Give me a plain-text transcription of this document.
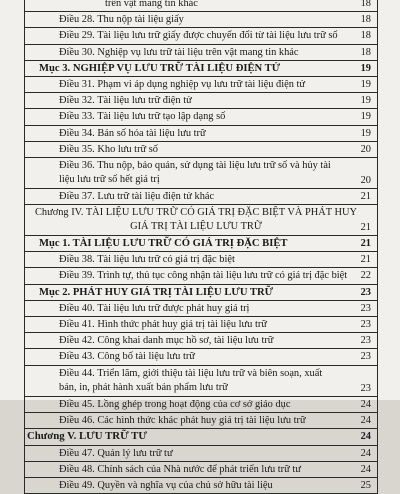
trên vật mang tin khác	18
Điều 28. Thu nộp tài liệu giấy	18
Điều 29. Tài liệu lưu trữ giấy được chuyển đổi từ tài liệu lưu trữ số 18
Điều 30. Nghiệp vụ lưu trữ tài liệu trên vật mang tin khác	18
Mục 3. NGHIỆP VỤ LƯU TRỮ TÀI LIỆU ĐIỆN TỬ	19
Điều 31. Phạm vi áp dụng nghiệp vụ lưu trữ tài liệu điện tử	19
Điều 32. Tài liệu lưu trữ điện tử	19
Điều 33. Tài liệu lưu trữ tạo lập dạng số	19
Điều 34. Bản số hóa tài liệu lưu trữ	19
Điều 35. Kho lưu trữ số	20
Điều 36. Thu nộp, bảo quản, sử dụng tài liệu lưu trữ số và hủy tài liệu lưu trữ số hết giá trị	20
Điều 37. Lưu trữ tài liệu điện tử khác	21
Chương IV. TÀI LIỆU LƯU TRỮ CÓ GIÁ TRỊ ĐẶC BIỆT VÀ PHÁT HUY GIÁ TRỊ TÀI LIỆU LƯU TRỮ	21
Mục 1. TÀI LIỆU LƯU TRỮ CÓ GIÁ TRỊ ĐẶC BIỆT	21
Điều 38. Tài liệu lưu trữ có giá trị đặc biệt	21
Điều 39. Trình tự, thủ tục công nhận tài liệu lưu trữ có giá trị đặc biệt 22
Mục 2. PHÁT HUY GIÁ TRỊ TÀI LIỆU LƯU TRỮ	23
Điều 40. Tài liệu lưu trữ được phát huy giá trị	23
Điều 41. Hình thức phát huy giá trị tài liệu lưu trữ	23
Điều 42. Công khai danh mục hồ sơ, tài liệu lưu trữ	23
Điều 43. Công bố tài liệu lưu trữ	23
Điều 44. Triển lãm, giới thiệu tài liệu lưu trữ và biên soạn, xuất bản, in, phát hành xuất bản phẩm lưu trữ	23
Điều 45. Lồng ghép trong hoạt động của cơ sở giáo dục	24
Điều 46. Các hình thức khác phát huy giá trị tài liệu lưu trữ	24
Chương V. LƯU TRỮ TƯ	24
Điều 47. Quản lý lưu trữ tư	24
Điều 48. Chính sách của Nhà nước để phát triển lưu trữ tư	24
Điều 49. Quyền và nghĩa vụ của chủ sở hữu tài liệu	25
